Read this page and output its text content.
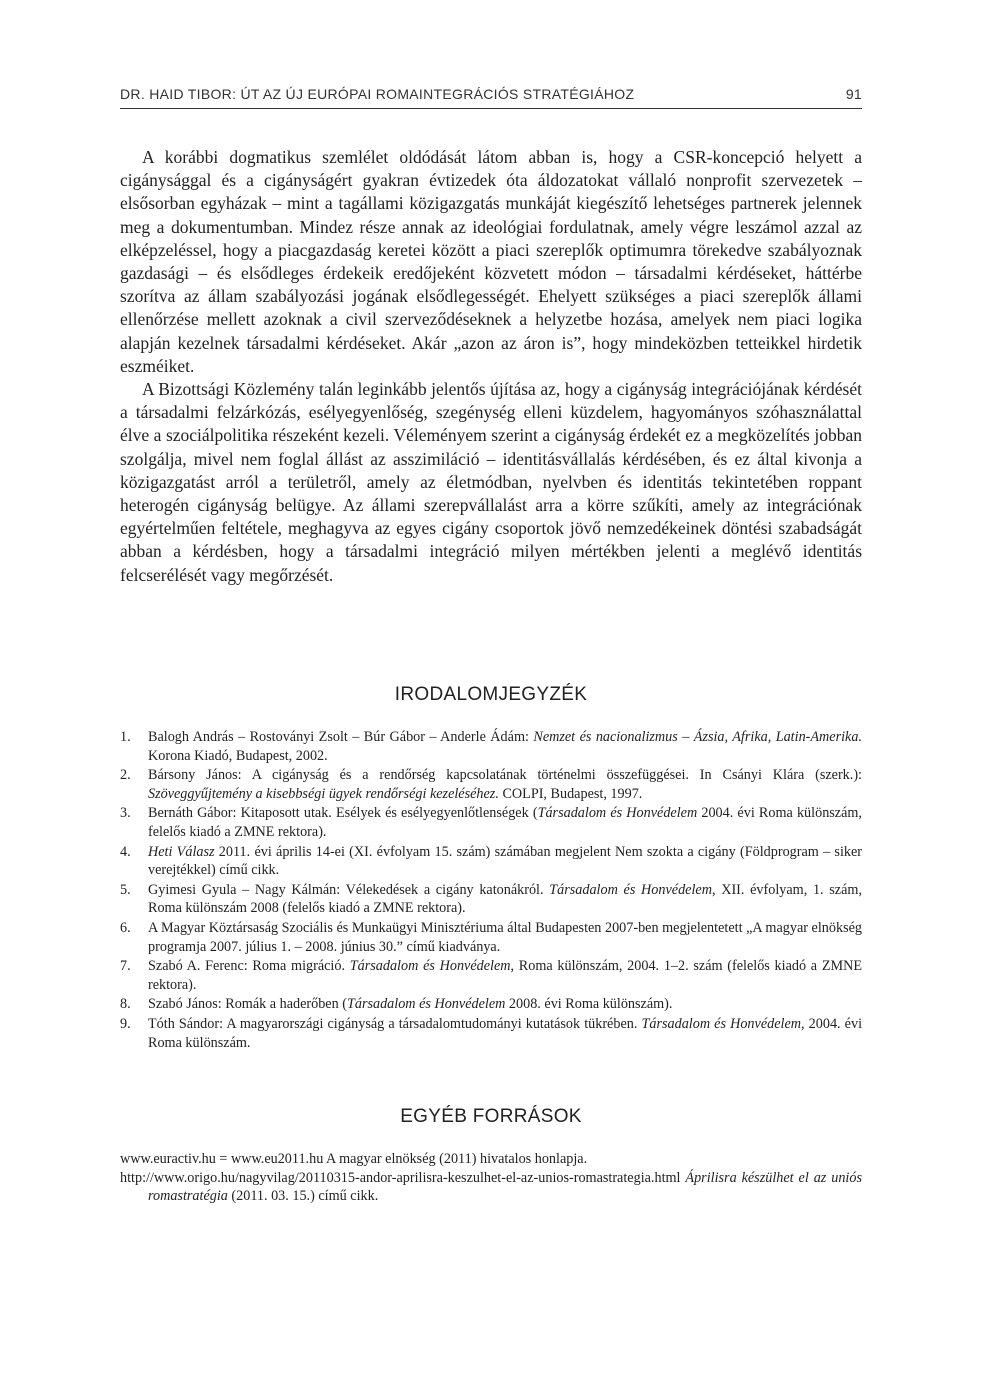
DR. HAID TIBOR: ÚT AZ ÚJ EURÓPAI ROMAINTEGRÁCIÓS STRATÉGIÁHOZ	91

A korábbi dogmatikus szemlélet oldódását látom abban is, hogy a CSR-koncepció helyett a cigánysággal és a cigányságért gyakran évtizedek óta áldozatokat vállaló nonprofit szervezetek – elsősorban egyházak – mint a tagállami közigazgatás munkáját kiegészítő lehetséges partnerek jelennek meg a dokumentumban. Mindez része annak az ideológiai fordulatnak, amely végre leszámol azzal az elképzeléssel, hogy a piacgazdaság keretei között a piaci szereplők optimumra törekedve szabályoznak gazdasági – és elsődleges érdekeik eredőjeként közvetett módon – társadalmi kérdéseket, háttérbe szorítva az állam szabályozási jogának elsődlegességét. Ehelyett szükséges a piaci szereplők állami ellenőrzése mellett azoknak a civil szerveződéseknek a helyzetbe hozása, amelyek nem piaci logika alapján kezelnek társadalmi kérdéseket. Akár „azon az áron is”, hogy mindeközben tetteikkel hirdetik eszméiket.

A Bizottsági Közlemény talán leginkább jelentős újítása az, hogy a cigányság integrációjának kérdését a társadalmi felzárkózás, esélyegyenlőség, szegénység elleni küzdelem, hagyományos szóhasználattal élve a szociálpolitika részeként kezeli. Véleményem szerint a cigányság érdekét ez a megközelítés jobban szolgálja, mivel nem foglal állást az asszimiláció – identitásvállalás kérdésében, és ez által kivonja a közigazgatást arról a területről, amely az életmódban, nyelvben és identitás tekintetében roppant heterogén cigányság belügye. Az állami szerepvállalást arra a körre szűkíti, amely az integrációnak egyértelműen feltétele, meghagyva az egyes cigány csoportok jövő nemzedékeinek döntési szabadságát abban a kérdésben, hogy a társadalmi integráció milyen mértékben jelenti a meglévő identitás felcserélését vagy megőrzését.

IRODALOMJEGYZÉK
1. Balogh András – Rostoványi Zsolt – Búr Gábor – Anderle Ádám: Nemzet és nacionalizmus – Ázsia, Afrika, Latin-Amerika. Korona Kiadó, Budapest, 2002.
2. Bársony János: A cigányság és a rendőrség kapcsolatának történelmi összefüggései. In Csányi Klára (szerk.): Szöveggyűjtemény a kisebbségi ügyek rendőrségi kezeléséhez. COLPI, Budapest, 1997.
3. Bernáth Gábor: Kitaposott utak. Esélyek és esélyegyenlőtlenségek (Társadalom és Honvédelem 2004. évi Roma különszám, felelős kiadó a ZMNE rektora).
4. Heti Válasz 2011. évi április 14-ei (XI. évfolyam 15. szám) számában megjelent Nem szokta a cigány (Földprogram – siker verejtékkel) című cikk.
5. Gyimesi Gyula – Nagy Kálmán: Vélekedések a cigány katonákról. Társadalom és Honvédelem, XII. évfolyam, 1. szám, Roma különszám 2008 (felelős kiadó a ZMNE rektora).
6. A Magyar Köztársaság Szociális és Munkaügyi Minisztériuma által Budapesten 2007-ben megjelentetett „A magyar elnökség programja 2007. július 1. – 2008. június 30.” című kiadványa.
7. Szabó A. Ferenc: Roma migráció. Társadalom és Honvédelem, Roma különszám, 2004. 1–2. szám (felelős kiadó a ZMNE rektora).
8. Szabó János: Romák a haderőben (Társadalom és Honvédelem 2008. évi Roma különszám).
9. Tóth Sándor: A magyarországi cigányság a társadalomtudományi kutatások tükrében. Társadalom és Honvédelem, 2004. évi Roma különszám.
EGYÉB FORRÁSOK
www.euractiv.hu = www.eu2011.hu A magyar elnökség (2011) hivatalos honlapja.
http://www.origo.hu/nagyvilag/20110315-andor-aprilisra-keszulhet-el-az-unios-romastrategia.html Áprilisra készülhet el az uniós romastratégia (2011. 03. 15.) című cikk.
